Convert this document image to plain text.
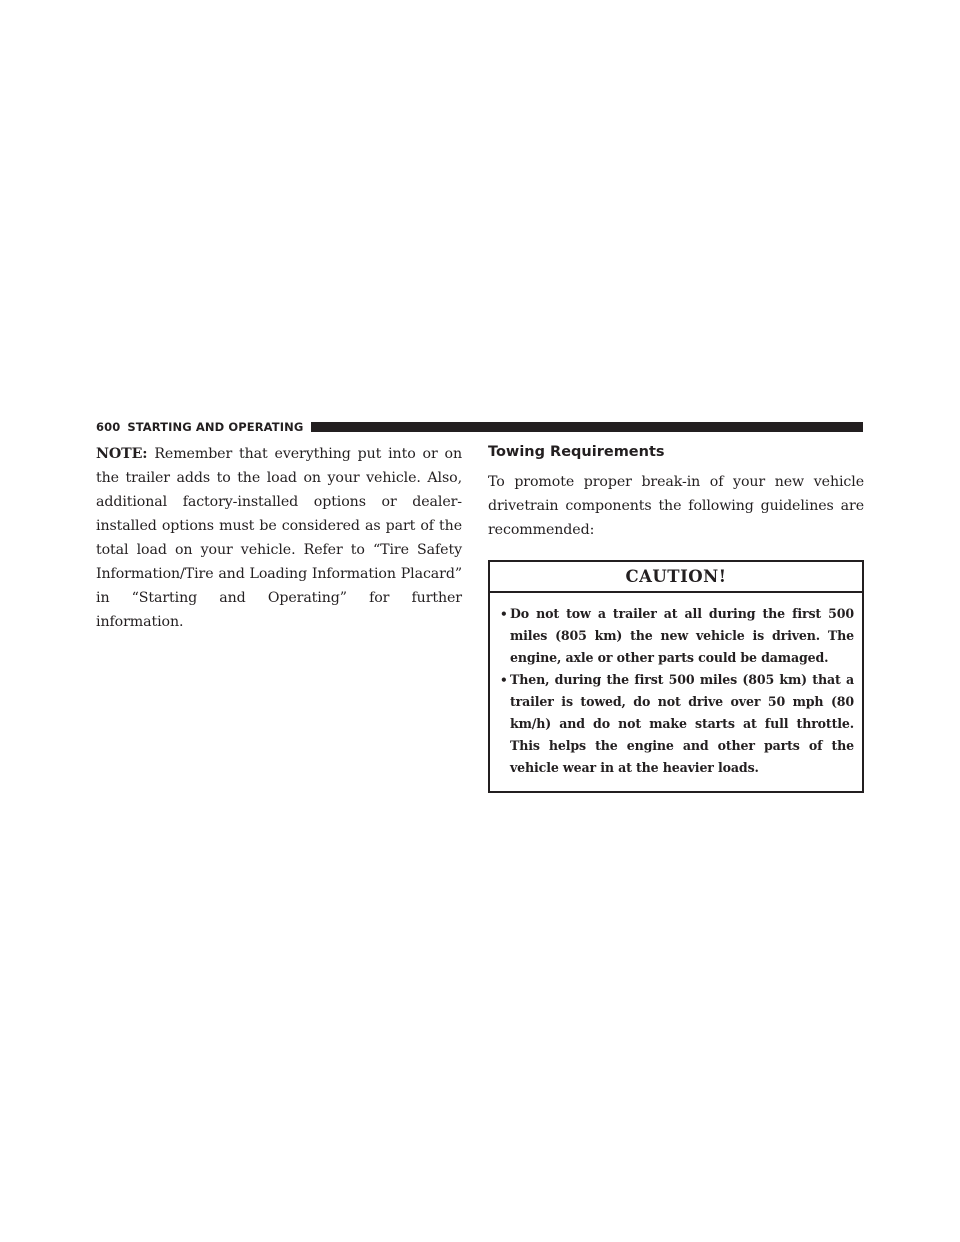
600 STARTING AND OPERATING

NOTE: Remember that everything put into or on the trailer adds to the load on your vehicle. Also, additional factory-installed options or dealer-installed options must be considered as part of the total load on your vehicle. Refer to “Tire Safety Information/Tire and Loading Information Placard” in “Starting and Operating” for further information.

Towing Requirements

To promote proper break-in of your new vehicle drivetrain components the following guidelines are recommended:

CAUTION!
• Do not tow a trailer at all during the first 500 miles (805 km) the new vehicle is driven. The engine, axle or other parts could be damaged.
• Then, during the first 500 miles (805 km) that a trailer is towed, do not drive over 50 mph (80 km/h) and do not make starts at full throttle. This helps the engine and other parts of the vehicle wear in at the heavier loads.
